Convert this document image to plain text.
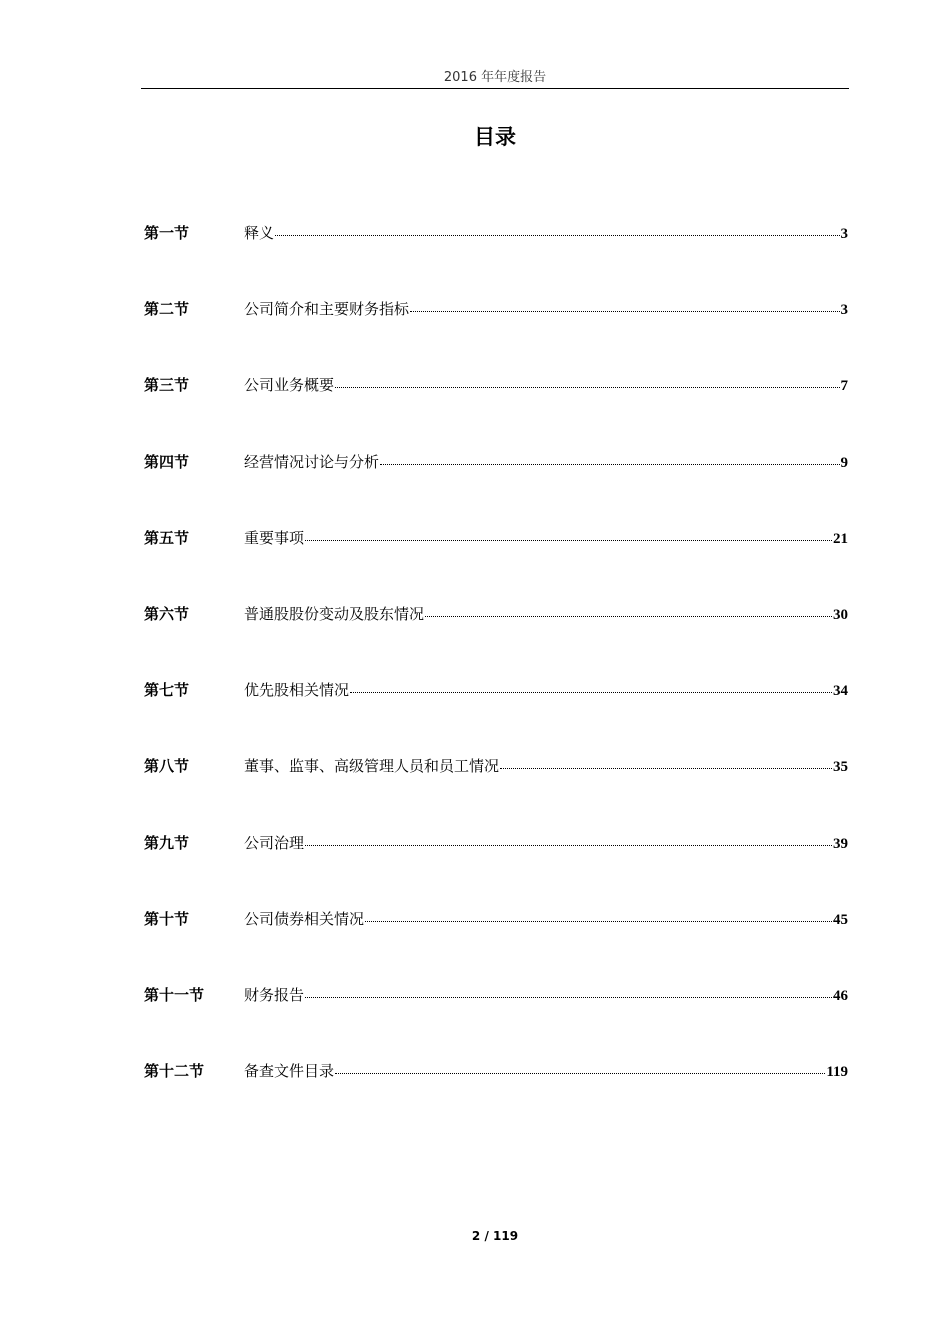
2016 年年度报告
目录
第一节	释义	3
第二节	公司简介和主要财务指标	3
第三节	公司业务概要	7
第四节	经营情况讨论与分析	9
第五节	重要事项	21
第六节	普通股股份变动及股东情况	30
第七节	优先股相关情况	34
第八节	董事、监事、高级管理人员和员工情况	35
第九节	公司治理	39
第十节	公司债券相关情况	45
第十一节	财务报告	46
第十二节	备查文件目录	119
2 / 119
